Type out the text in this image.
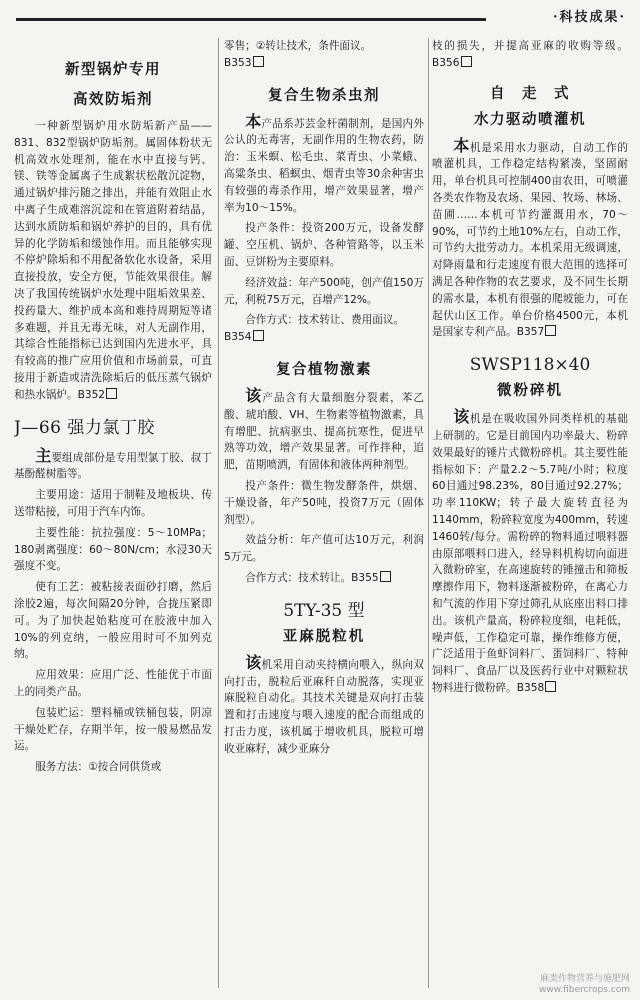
·科技成果·
新型锅炉专用
高效防垢剂

一种新型锅炉用水防垢新产品——831、832型锅炉防垢剂。属固体粉状无机高效水处理剂，能在水中直接与钙、镁、铁等金属离子生成絮状松散沉淀物，通过锅炉排污随之排出，并能有效阻止水中离子生成难溶沉淀和在管道附着结晶，达到水质防垢和锅炉养护的目的，具有优异的化学防垢和缓蚀作用。而且能够实现不停炉除垢和不用配备软化水设备，采用直接投放，安全方便，节能效果很佳。解决了我国传统锅炉水处理中阻垢效果差、投药量大、维护成本高和难持周期短等诸多难题，并且无毒无味，对人无副作用，其综合性能指标已达到国内先进水平，具有较高的推广应用价值和市场前景，可直接用于新造或清洗除垢后的低压蒸气锅炉和热水锅炉。B352

J—66 强力氯丁胶

主要组成部份是专用型氯丁胶、叔丁基酚醛树脂等。

主要用途：适用于制鞋及地板块、传送带粘接，可用于汽车内饰。

主要性能：抗拉强度：5～10MPa；180剥离强度：60～80N/cm；水浸30天强度不变。

使有工艺：被粘接表面砂打磨，然后涂胶2遍，每次间隔20分钟，合拢压紧即可。为了加快起始粘度可在胶液中加入10%的列克纳，一般应用时可不加列克纳。

应用效果：应用广泛、性能优于市面上的同类产品。

包装贮运：塑料桶或铁桶包装，阴凉干燥处贮存，存期半年，按一般易燃品发运。

服务方法：①按合同供货或

零售；②转让技术，条件面议。
B353

复合生物杀虫剂

本产品系苏芸金杆菌制剂，是国内外公认的无毒害，无副作用的生物农药，防治：玉米螟、松毛虫、菜青虫、小菜蛾、高粱条虫、稻螟虫、烟青虫等30余种害虫有较强的毒杀作用，增产效果显著，增产率为10～15%。

投产条件：投资200万元，设备发酵罐、空压机、锅炉、各种管路等，以玉米面、豆饼粉为主要原料。

经济效益：年产500吨，创产值150万元，利税75万元，百增产12%。

合作方式：技术转让、费用面议。
B354

复合植物激素

该产品含有大量细胞分裂素，苯乙酸、琥珀酸、VH、生物素等植物激素，具有增肥、抗病驱虫、提高抗寒性，促进早熟等功效，增产效果显著。可作拌种，追肥，苗期喷洒，有固体和液体两种剂型。

投产条件：微生物发酵条件，烘烟、干燥设备，年产50吨，投资7万元（固体剂型）。

效益分析：年产值可达10万元，利润5万元。

合作方式：技术转让。B355

5TY-35 型
亚麻脱粒机

该机采用自动夹持横向喂入，纵向双向打击，脱粒后亚麻秆自动脱落，实现亚麻脱粒自动化。其技术关键是双向打击装置和打击速度与喂入速度的配合而组成的打击力度，该机属于增收机具，脱粒可增收亚麻籽，减少亚麻分

枝的损失，并提高亚麻的收购等级。B356

自　走　式
水力驱动喷灌机

本机是采用水力驱动，自动工作的喷灌机具，工作稳定结构紧凑，坚固耐用，单台机具可控制400亩农田，可喷灌各类农作物及农场、果园、牧场、林场、苗圃……本机可节约灌溉用水，70～90%，可节约土地10%左右，自动工作，可节约大批劳动力。本机采用无级调速，对降雨量和行走速度有很大范围的选择可满足各种作物的农艺要求，及不同生长期的需水量，本机有很强的爬坡能力，可在起伏山区工作。单台价格4500元，本机是国家专利产品。B357

SWSP118×40
微粉碎机

该机是在吸收国外同类样机的基础上研制的。它是目前国内功率最大、粉碎效果最好的锤片式微粉碎机。其主要性能指标如下：产量2.2～5.7吨/小时；粒度60目通过98.23%，80目通过92.27%；功率110KW；转子最大旋转直径为1140mm，粉碎粒宽度为400mm，转速1460转/每分。需粉碎的物料通过喂料器由原部喂料口进入，经导料机构切向面进入微粉碎室，在高速旋转的锤撞击和筛板摩擦作用下，物料逐渐被粉碎，在离心力和气流的作用下穿过筛孔从底座出料口排出。该机产量高，粉碎粒度细，电耗低，噪声低，工作稳定可靠，操作维修方便，广泛适用于鱼虾饲料厂、蛋饲料厂、特种饲料厂、食品厂以及医药行业中对颗粒状物料进行微粉碎。B358

麻类作物营养与施肥网
www.fibercrops.com
